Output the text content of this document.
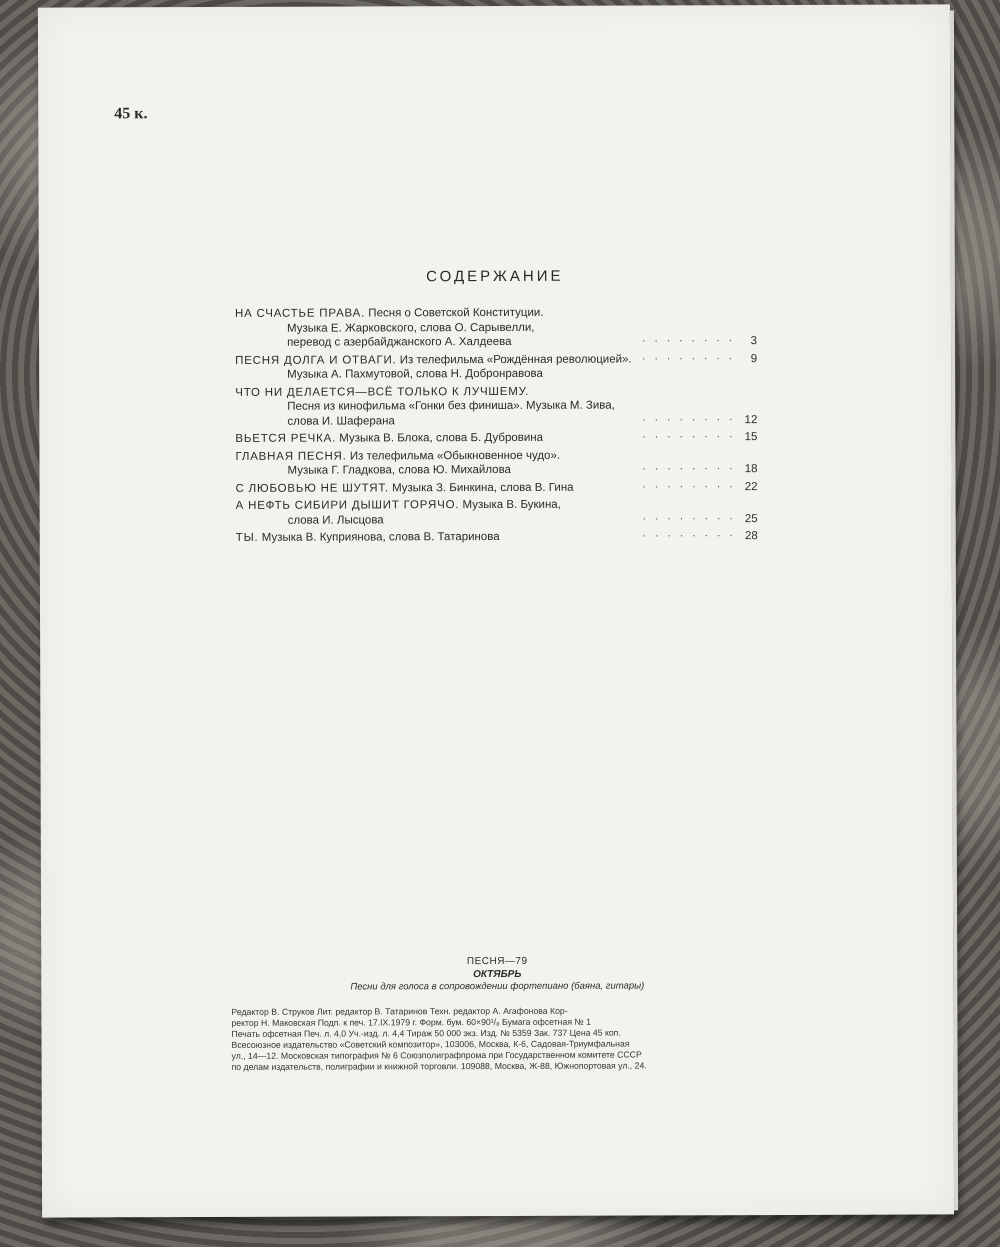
45 к.
СОДЕРЖАНИЕ
НА СЧАСТЬЕ ПРАВА. Песня о Советской Конституции.
Музыка Е. Жарковского, слова О. Сарывелли,
перевод с азербайджанского А. Халдеева	. . . . . . . . 3
ПЕСНЯ ДОЛГА И ОТВАГИ. Из телефильма «Рождённая революцией». . . . . . . . . 9
Музыка А. Пахмутовой, слова Н. Добронравова
ЧТО НИ ДЕЛАЕТСЯ—ВСЁ ТОЛЬКО К ЛУЧШЕМУ.
Песня из кинофильма «Гонки без финиша». Музыка М. Зива,
слова И. Шаферана	. . . . . . . . 12
ВЬЕТСЯ РЕЧКА. Музыка В. Блока, слова Б. Дубровина	. . . . . . . . 15
ГЛАВНАЯ ПЕСНЯ. Из телефильма «Обыкновенное чудо».
Музыка Г. Гладкова, слова Ю. Михайлова	. . . . . . . . 18
С ЛЮБОВЬЮ НЕ ШУТЯТ. Музыка З. Бинкина, слова В. Гина	. . . . . . . . 22
А НЕФТЬ СИБИРИ ДЫШИТ ГОРЯЧО. Музыка В. Букина,
слова И. Лысцова	. . . . . . . . 25
ТЫ. Музыка В. Куприянова, слова В. Татаринова	. . . . . . . . 28
ПЕСНЯ—79
ОКТЯБРЬ
Песни для голоса в сопровождении фортепиано (баяна, гитары)
Редактор В. Струков Лит. редактор В. Татаринов Техн. редактор А. Агафонова Кор-
ректор Н. Маковская Подп. к печ. 17.IX.1979 г. Форм. бум. 60×90¹/₈ Бумага офсетная № 1
Печать офсетная Печ. л. 4,0 Уч.-изд. л. 4,4 Тираж 50 000 экз. Изд. № 5359 Зак. 737 Цена 45 коп.
Всесоюзное издательство «Советский композитор», 103006, Москва, К-6, Садовая-Триумфальная
ул., 14—12. Московская типография № 6 Союзполиграфпрома при Государственном комитете СССР
по делам издательств, полиграфии и книжной торговли. 109088, Москва, Ж-88, Южнопортовая ул., 24.
